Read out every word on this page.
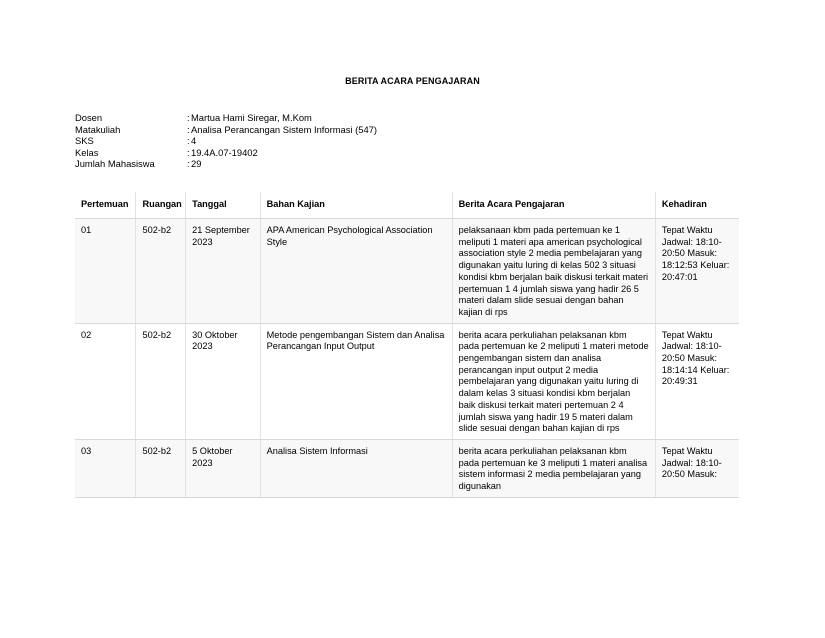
BERITA ACARA PENGAJARAN
Dosen	: Martua Hami Siregar, M.Kom
Matakuliah	: Analisa Perancangan Sistem Informasi (547)
SKS	: 4
Kelas	: 19.4A.07-19402
Jumlah Mahasiswa	: 29
Pertemuan	Ruangan	Tanggal	Bahan Kajian	Berita Acara Pengajaran	Kehadiran
01	502-b2	21 September 2023	APA American Psychological Association Style	pelaksanaan kbm pada pertemuan ke 1 meliputi 1 materi apa american psychological association style 2 media pembelajaran yang digunakan yaitu luring di kelas 502 3 situasi kondisi kbm berjalan baik diskusi terkait materi pertemuan 1 4 jumlah siswa yang hadir 26 5 materi dalam slide sesuai dengan bahan kajian di rps	Tepat Waktu Jadwal: 18:10-20:50 Masuk: 18:12:53 Keluar: 20:47:01
02	502-b2	30 Oktober 2023	Metode pengembangan Sistem dan Analisa Perancangan Input Output	berita acara perkuliahan pelaksanan kbm pada pertemuan ke 2 meliputi 1 materi metode pengembangan sistem dan analisa perancangan input output 2 media pembelajaran yang digunakan yaitu luring di dalam kelas 3 situasi kondisi kbm berjalan baik diskusi terkait materi pertemuan 2 4 jumlah siswa yang hadir 19 5 materi dalam slide sesuai dengan bahan kajian di rps	Tepat Waktu Jadwal: 18:10-20:50 Masuk: 18:14:14 Keluar: 20:49:31
03	502-b2	5 Oktober 2023	Analisa Sistem Informasi	berita acara perkuliahan pelaksanan kbm pada pertemuan ke 3 meliputi 1 materi analisa sistem informasi 2 media pembelajaran yang digunakan	Tepat Waktu Jadwal: 18:10-20:50 Masuk:
